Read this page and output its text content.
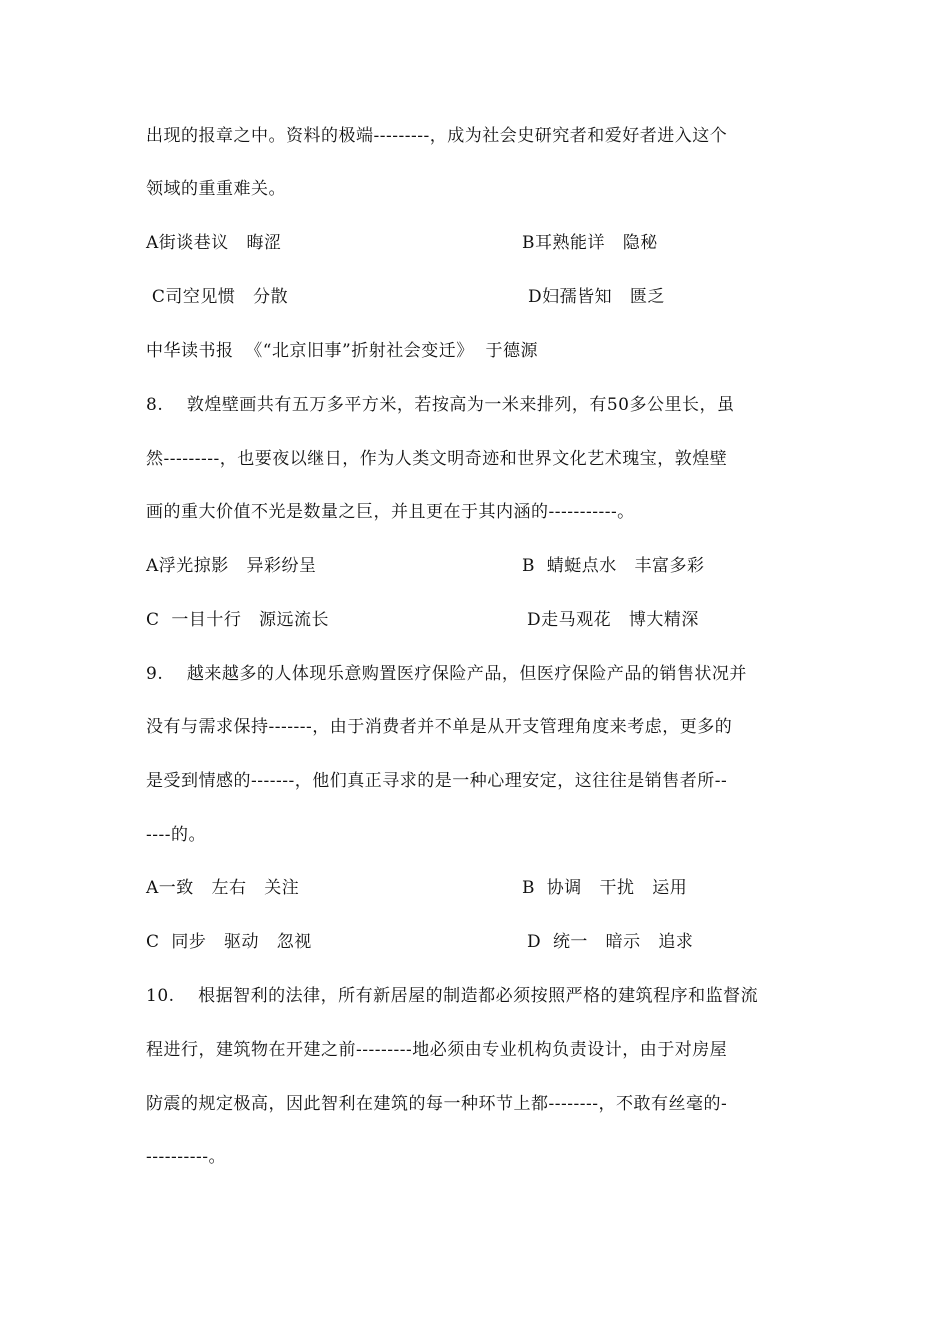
出现的报章之中。资料的极端---------，成为社会史研究者和爱好者进入这个
领域的重重难关。
A街谈巷议   晦涩	B耳熟能详   隐秘
C司空见惯   分散	D妇孺皆知   匮乏
中华读书报  《“北京旧事”折射社会变迁》  于德源
8.    敦煌壁画共有五万多平方米，若按高为一米来排列，有50多公里长，虽
然---------，也要夜以继日，作为人类文明奇迹和世界文化艺术瑰宝，敦煌壁
画的重大价值不光是数量之巨，并且更在于其内涵的-----------。
A浮光掠影   异彩纷呈	B  蜻蜓点水   丰富多彩
C  一目十行   源远流长	D走马观花   博大精深
9.    越来越多的人体现乐意购置医疗保险产品，但医疗保险产品的销售状况并
没有与需求保持-------，由于消费者并不单是从开支管理角度来考虑，更多的
是受到情感的-------，他们真正寻求的是一种心理安定，这往往是销售者所--
----的。
A一致   左右   关注	B  协调   干扰   运用
C  同步   驱动   忽视	D  统一   暗示   追求
10.    根据智利的法律，所有新居屋的制造都必须按照严格的建筑程序和监督流
程进行，建筑物在开建之前---------地必须由专业机构负责设计，由于对房屋
防震的规定极高，因此智利在建筑的每一种环节上都--------，不敢有丝毫的-
----------。
